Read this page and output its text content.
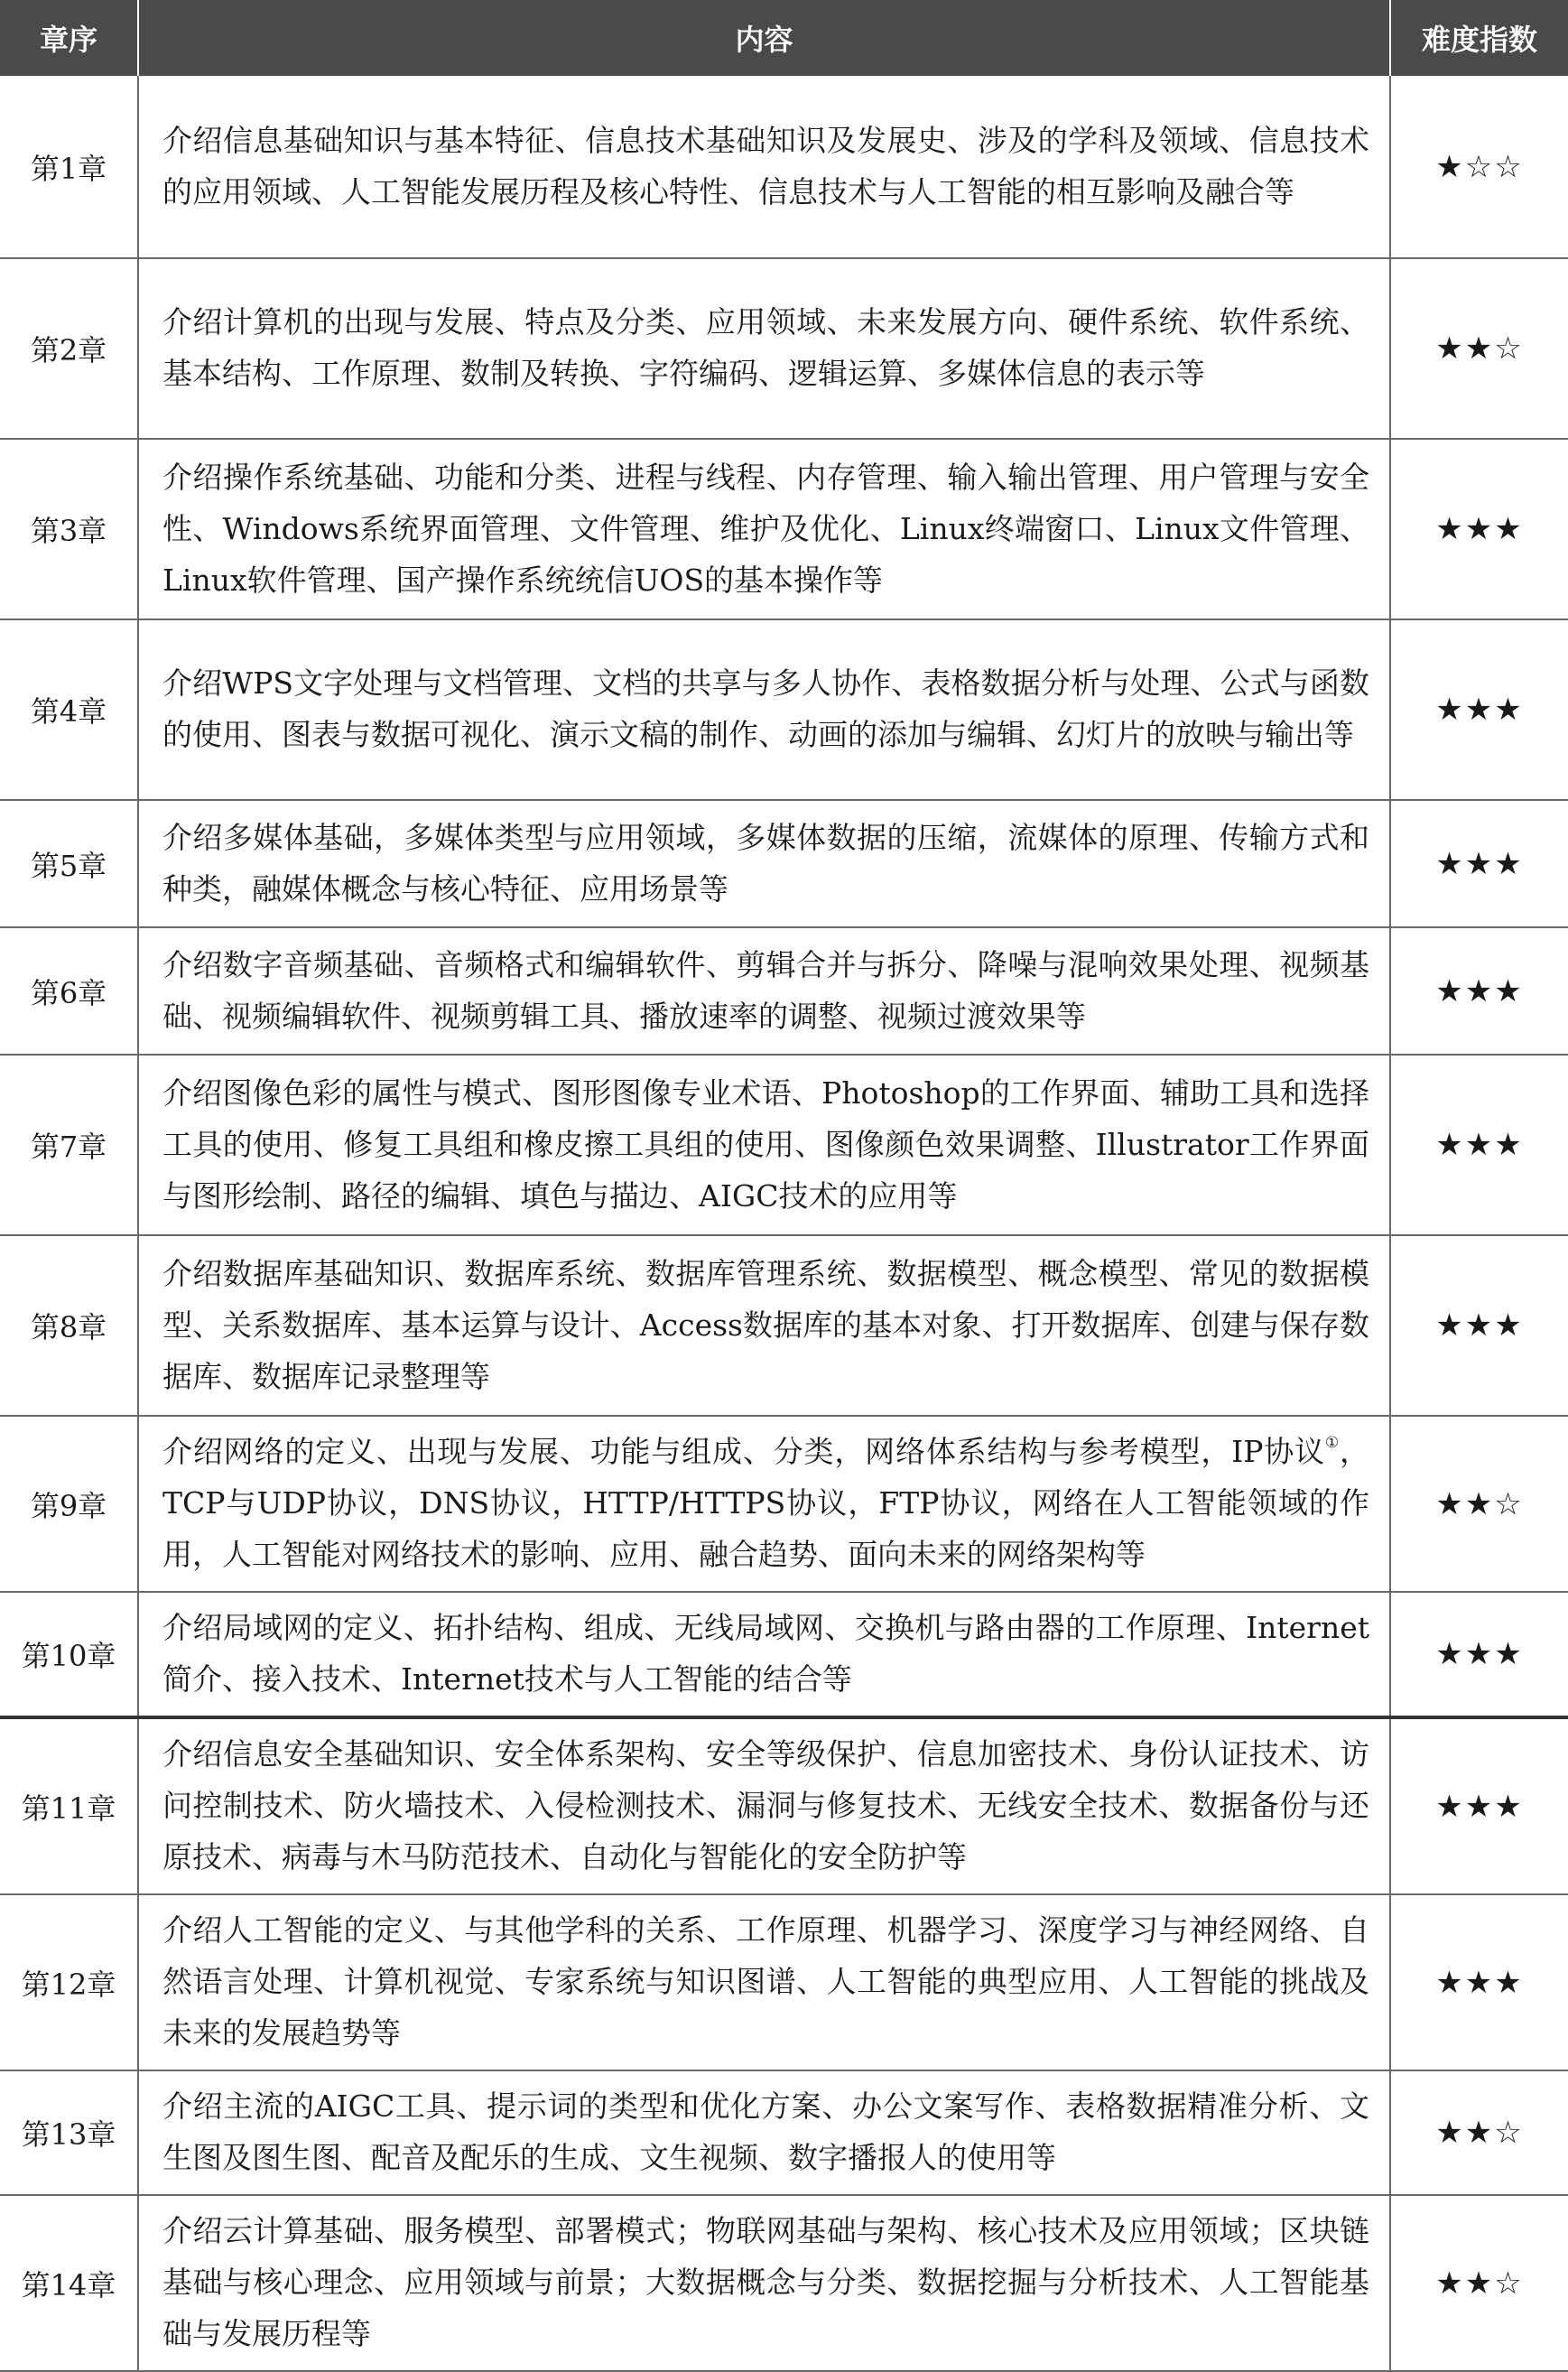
章序	内容	难度指数
第1章	介绍信息基础知识与基本特征、信息技术基础知识及发展史、涉及的学科及领域、信息技术的应用领域、人工智能发展历程及核心特性、信息技术与人工智能的相互影响及融合等	★☆☆
第2章	介绍计算机的出现与发展、特点及分类、应用领域、未来发展方向、硬件系统、软件系统、基本结构、工作原理、数制及转换、字符编码、逻辑运算、多媒体信息的表示等	★★☆
第3章	介绍操作系统基础、功能和分类、进程与线程、内存管理、输入输出管理、用户管理与安全性、Windows系统界面管理、文件管理、维护及优化、Linux终端窗口、Linux文件管理、Linux软件管理、国产操作系统统信UOS的基本操作等	★★★
第4章	介绍WPS文字处理与文档管理、文档的共享与多人协作、表格数据分析与处理、公式与函数的使用、图表与数据可视化、演示文稿的制作、动画的添加与编辑、幻灯片的放映与输出等	★★★
第5章	介绍多媒体基础，多媒体类型与应用领域，多媒体数据的压缩，流媒体的原理、传输方式和种类，融媒体概念与核心特征、应用场景等	★★★
第6章	介绍数字音频基础、音频格式和编辑软件、剪辑合并与拆分、降噪与混响效果处理、视频基础、视频编辑软件、视频剪辑工具、播放速率的调整、视频过渡效果等	★★★
第7章	介绍图像色彩的属性与模式、图形图像专业术语、Photoshop的工作界面、辅助工具和选择工具的使用、修复工具组和橡皮擦工具组的使用、图像颜色效果调整、Illustrator工作界面与图形绘制、路径的编辑、填色与描边、AIGC技术的应用等	★★★
第8章	介绍数据库基础知识、数据库系统、数据库管理系统、数据模型、概念模型、常见的数据模型、关系数据库、基本运算与设计、Access数据库的基本对象、打开数据库、创建与保存数据库、数据库记录整理等	★★★
第9章	介绍网络的定义、出现与发展、功能与组成、分类，网络体系结构与参考模型，IP协议①，TCP与UDP协议，DNS协议，HTTP/HTTPS协议，FTP协议，网络在人工智能领域的作用，人工智能对网络技术的影响、应用、融合趋势、面向未来的网络架构等	★★☆
第10章	介绍局域网的定义、拓扑结构、组成、无线局域网、交换机与路由器的工作原理、Internet简介、接入技术、Internet技术与人工智能的结合等	★★★
第11章	介绍信息安全基础知识、安全体系架构、安全等级保护、信息加密技术、身份认证技术、访问控制技术、防火墙技术、入侵检测技术、漏洞与修复技术、无线安全技术、数据备份与还原技术、病毒与木马防范技术、自动化与智能化的安全防护等	★★★
第12章	介绍人工智能的定义、与其他学科的关系、工作原理、机器学习、深度学习与神经网络、自然语言处理、计算机视觉、专家系统与知识图谱、人工智能的典型应用、人工智能的挑战及未来的发展趋势等	★★★
第13章	介绍主流的AIGC工具、提示词的类型和优化方案、办公文案写作、表格数据精准分析、文生图及图生图、配音及配乐的生成、文生视频、数字播报人的使用等	★★☆
第14章	介绍云计算基础、服务模型、部署模式；物联网基础与架构、核心技术及应用领域；区块链基础与核心理念、应用领域与前景；大数据概念与分类、数据挖掘与分析技术、人工智能基础与发展历程等	★★☆
